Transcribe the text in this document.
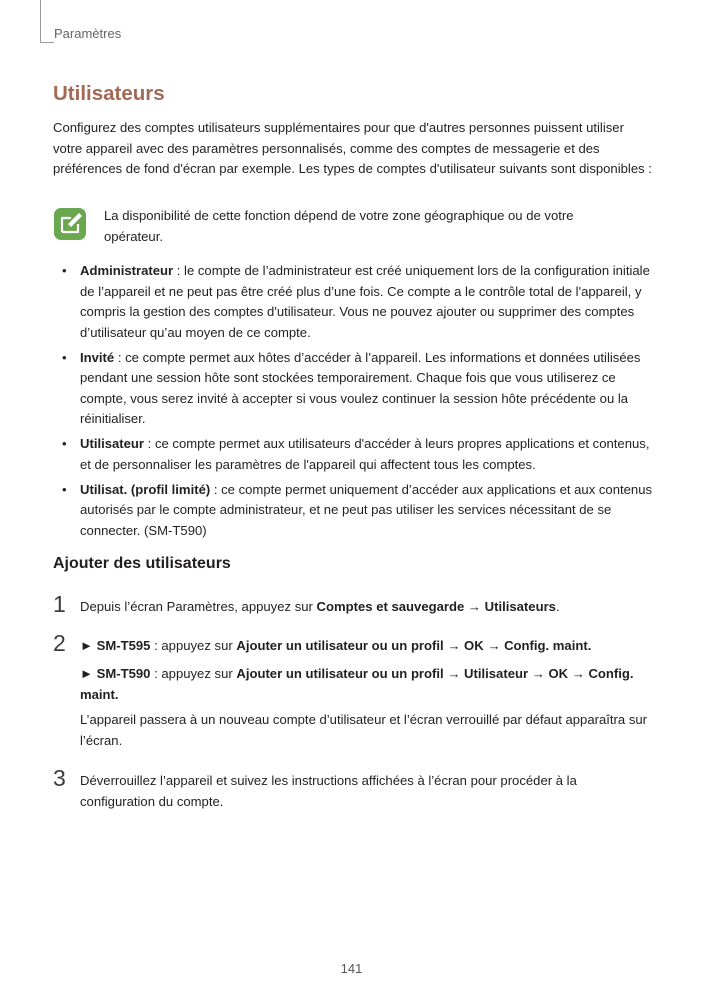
Paramètres
Utilisateurs

Configurez des comptes utilisateurs supplémentaires pour que d'autres personnes puissent utiliser votre appareil avec des paramètres personnalisés, comme des comptes de messagerie et des préférences de fond d'écran par exemple. Les types de comptes d'utilisateur suivants sont disponibles :

La disponibilité de cette fonction dépend de votre zone géographique ou de votre opérateur.

• Administrateur : le compte de l’administrateur est créé uniquement lors de la configuration initiale de l’appareil et ne peut pas être créé plus d’une fois. Ce compte a le contrôle total de l'appareil, y compris la gestion des comptes d'utilisateur. Vous ne pouvez ajouter ou supprimer des comptes d’utilisateur qu’au moyen de ce compte.
• Invité : ce compte permet aux hôtes d’accéder à l’appareil. Les informations et données utilisées pendant une session hôte sont stockées temporairement. Chaque fois que vous utiliserez ce compte, vous serez invité à accepter si vous voulez continuer la session hôte précédente ou la réinitialiser.
• Utilisateur : ce compte permet aux utilisateurs d'accéder à leurs propres applications et contenus, et de personnaliser les paramètres de l'appareil qui affectent tous les comptes.
• Utilisat. (profil limité) : ce compte permet uniquement d’accéder aux applications et aux contenus autorisés par le compte administrateur, et ne peut pas utiliser les services nécessitant de se connecter. (SM-T590)
Ajouter des utilisateurs
1 Depuis l’écran Paramètres, appuyez sur Comptes et sauvegarde → Utilisateurs.

2 ► SM-T595 : appuyez sur Ajouter un utilisateur ou un profil → OK → Config. maint.

► SM-T590 : appuyez sur Ajouter un utilisateur ou un profil → Utilisateur → OK → Config. maint.

L’appareil passera à un nouveau compte d’utilisateur et l’écran verrouillé par défaut apparaîtra sur l’écran.

3 Déverrouillez l’appareil et suivez les instructions affichées à l’écran pour procéder à la configuration du compte.

141
